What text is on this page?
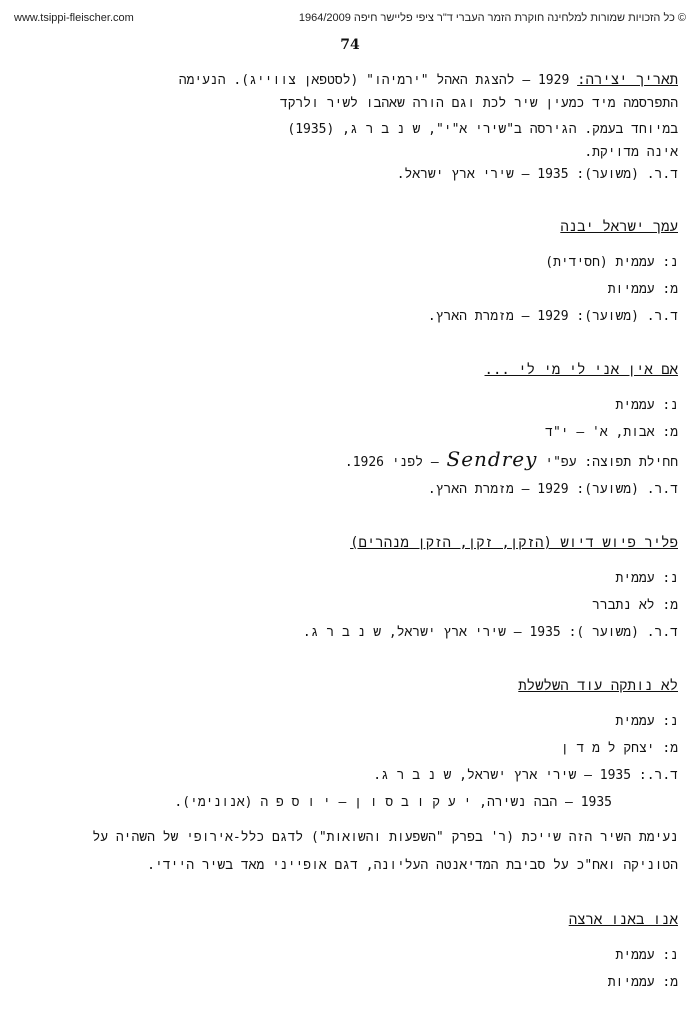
www.tsippi-fleischer.com	© כל הזכויות שמורות למלחינה חוקרת הזמר העברי ד"ר ציפי פליישר חיפה 1964/2009
74
תאריך יצירה: 1929 – להצגת האהל "ירמיהו" (לסטפאן צווייג). הנעימה
התפרסמה מיד כמעין שיר לכת וגם הורה שאהבו לשיר ולרקד
במיוחד בעמק. הגירסה ב"שירי א"י", ש נ ב ר ג, (1935)
אינה מדויקת.
ד.ר. (משוער): 1935 – שירי ארץ ישראל.
עמך ישראל יבנה
נ: עממית (חסידית)
מ: עממיות
ד.ר. (משוער): 1929 – מזמרת הארץ.
אם אין אני לי מי לי ...
נ: עממית
מ: אבות, א' – י"ד
חחילת תפוצה: עפ"י Sendrey – לפני 1926.
ד.ר. (משוער): 1929 – מזמרת הארץ.
פליר פיוש דיוש (הזקן, זקן, הזקן מנהרים)
נ: עממית
מ: לא נתברר
ד.ר. (משוער ): 1935 – שירי ארץ ישראל, ש נ ב ר ג.
לא נותקה עוד השלשלת
נ: עממית
מ: יצחק ל מ ד ן
ד.ר.: 1935 – שירי ארץ ישראל, ש נ ב ר ג.
1935 – הבה נשירה, י ע ק ו ב ס ו ן – י ו ס פ ה (אנונימי).
נעימת השיר הזה שייכת (ר' בפרק "השפעות והשואות") לדגם כלל-אירופי של השהיה על הטוניקה ואח"כ על סביבת המדיאנטה העליונה, דגם אופייני מאד בשיר היידי.
אנו באנו ארצה
נ: עממית
מ: עממיות
